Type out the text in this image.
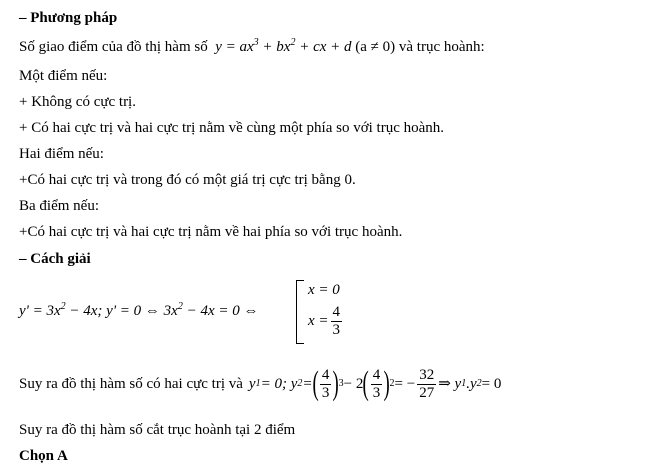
– Phương pháp
Số giao điểm của đồ thị hàm số $y = ax^3 + bx^2$ + cx + d (a ≠ 0) và trục hoành:
Một điểm nếu:
+ Không có cực trị.
+ Có hai cực trị và hai cực trị nằm về cùng một phía so với trục hoành.
Hai điểm nếu:
+Có hai cực trị và trong đó có một giá trị cực trị bằng 0.
Ba điểm nếu:
+Có hai cực trị và hai cực trị nằm về hai phía so với trục hoành.
– Cách giải
$y' = 3x^2 - 4x$; y' = 0 ⇔ $3x^2 - 4x = 0$ ⇔
x = 0
$x = \frac{4}{3}$
Suy ra đồ thị hàm số có hai cực trị và y 1 = 0; y 2 = ( $\frac{4}{3}$ ) 3 − 2 ( $\frac{4}{3}$ ) 2 = − $\frac{32}{27}$ ⇒ y 1 .y 2 = 0
Suy ra đồ thị hàm số cắt trục hoành tại 2 điểm
Chọn A
